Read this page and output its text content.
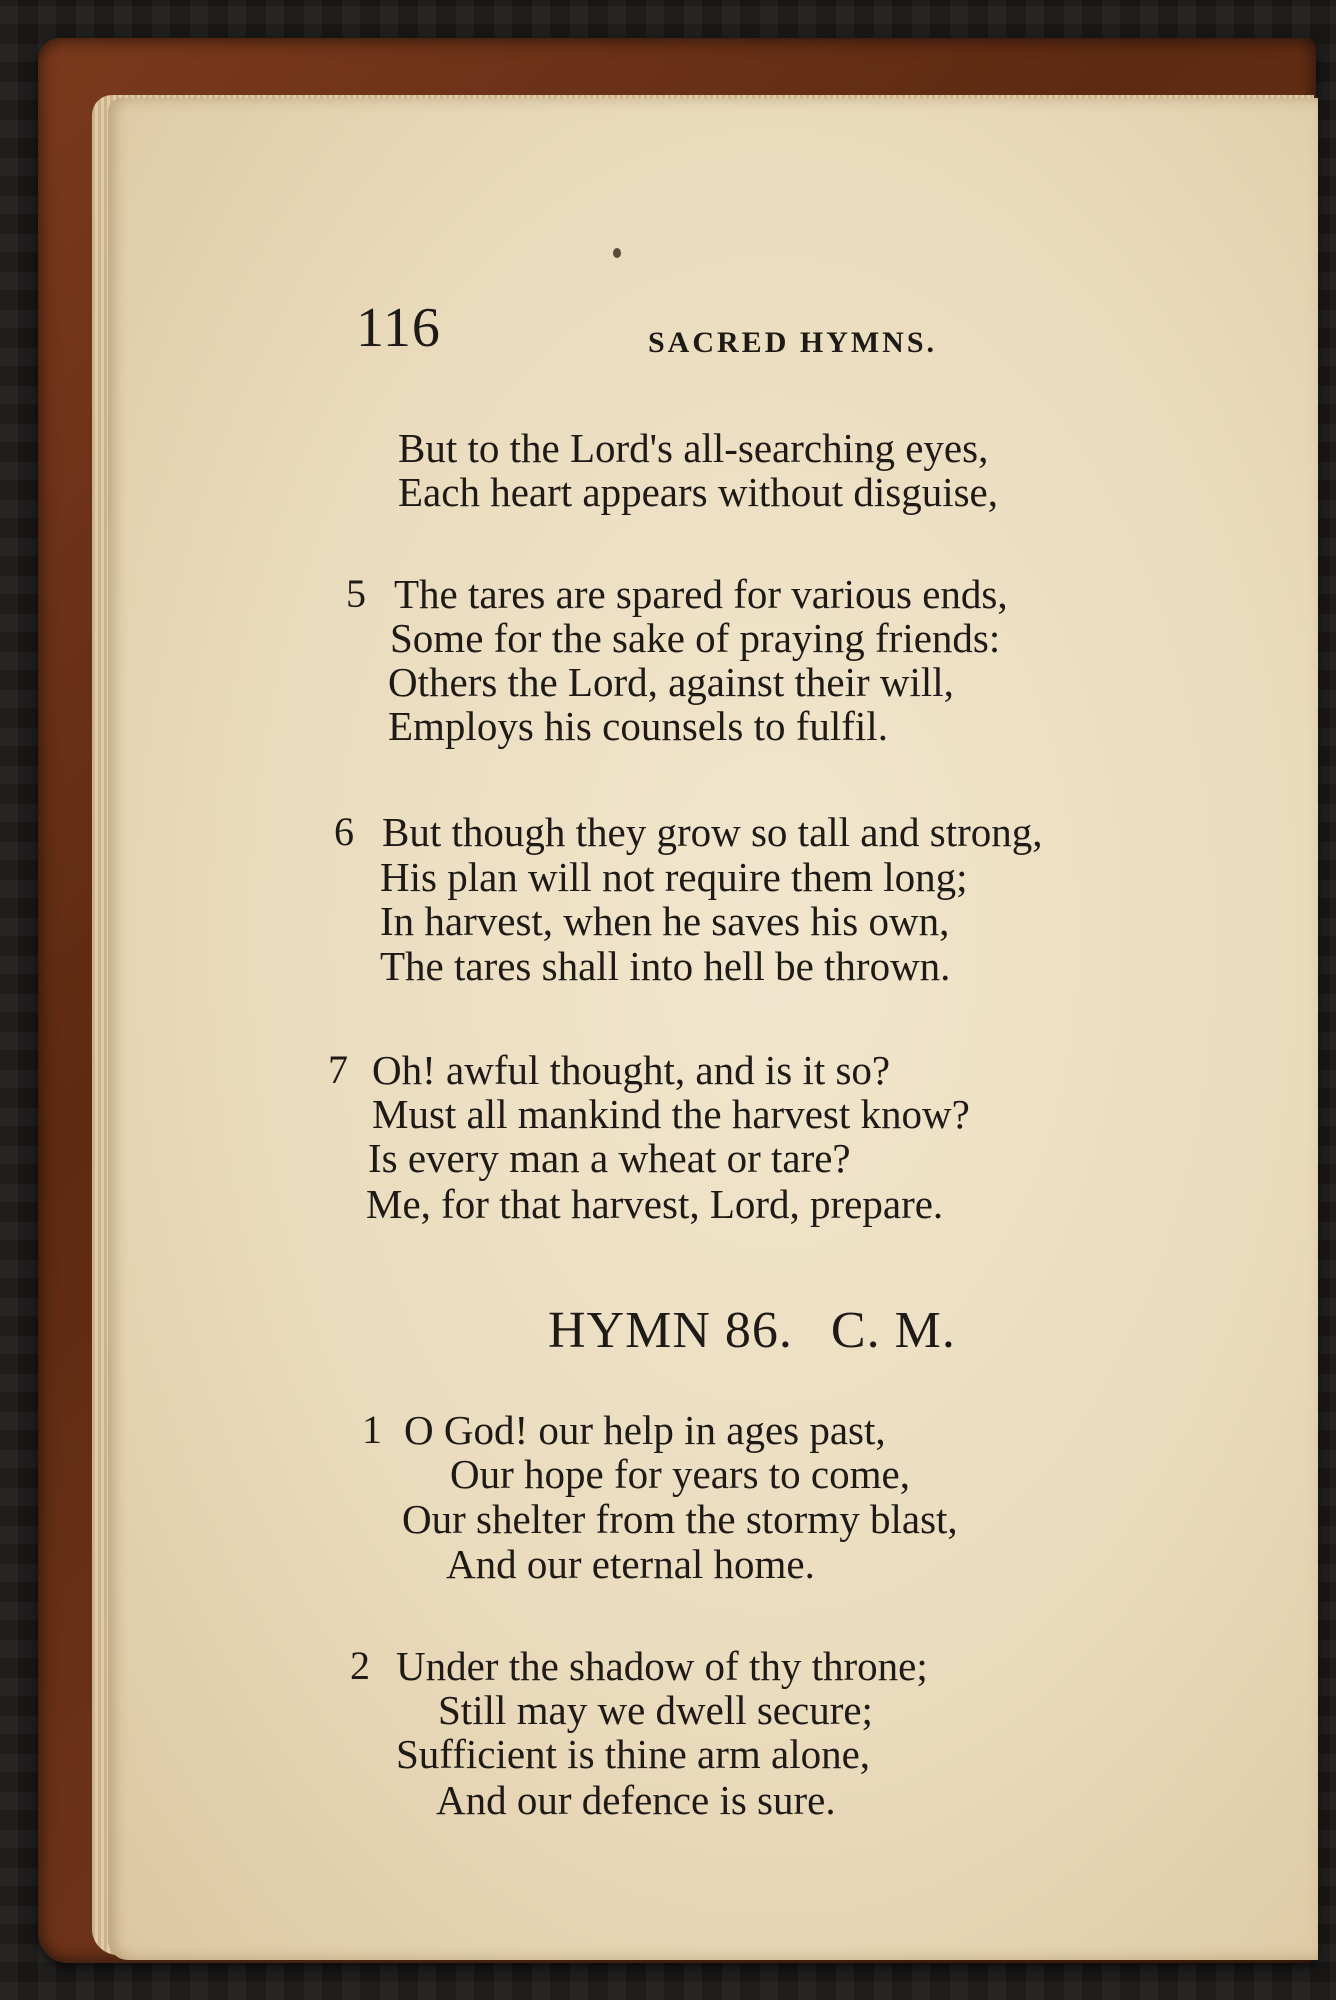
116	SACRED HYMNS.
But to the Lord's all-searching eyes,
Each heart appears without disguise,
5 The tares are spared for various ends,
Some for the sake of praying friends:
Others the Lord, against their will,
Employs his counsels to fulfil.
6 But though they grow so tall and strong,
His plan will not require them long;
In harvest, when he saves his own,
The tares shall into hell be thrown.
7 Oh! awful thought, and is it so?
Must all mankind the harvest know?
Is every man a wheat or tare?
Me, for that harvest, Lord, prepare.
HYMN 86. C. M.
1 O God! our help in ages past,
Our hope for years to come,
Our shelter from the stormy blast,
And our eternal home.
2 Under the shadow of thy throne;
Still may we dwell secure;
Sufficient is thine arm alone,
And our defence is sure.
